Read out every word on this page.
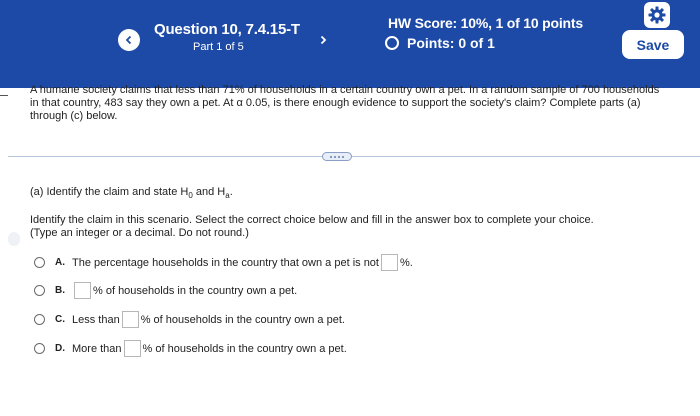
Question 10, 7.4.15-T
Part 1 of 5
HW Score: 10%, 1 of 10 points
Points: 0 of 1	Save
A humane society claims that less than 71% of households in a certain country own a pet. In a random sample of 700 households in that country, 483 say they own a pet. At α 0.05, is there enough evidence to support the society's claim? Complete parts (a) through (c) below.
(a) Identify the claim and state $H_0$ and $H_a$.
Identify the claim in this scenario. Select the correct choice below and fill in the answer box to complete your choice.
(Type an integer or a decimal. Do not round.)
A. The percentage households in the country that own a pet is not %.
B.	% of households in the country own a pet.
C. Less than % of households in the country own a pet.
D. More than % of households in the country own a pet.
